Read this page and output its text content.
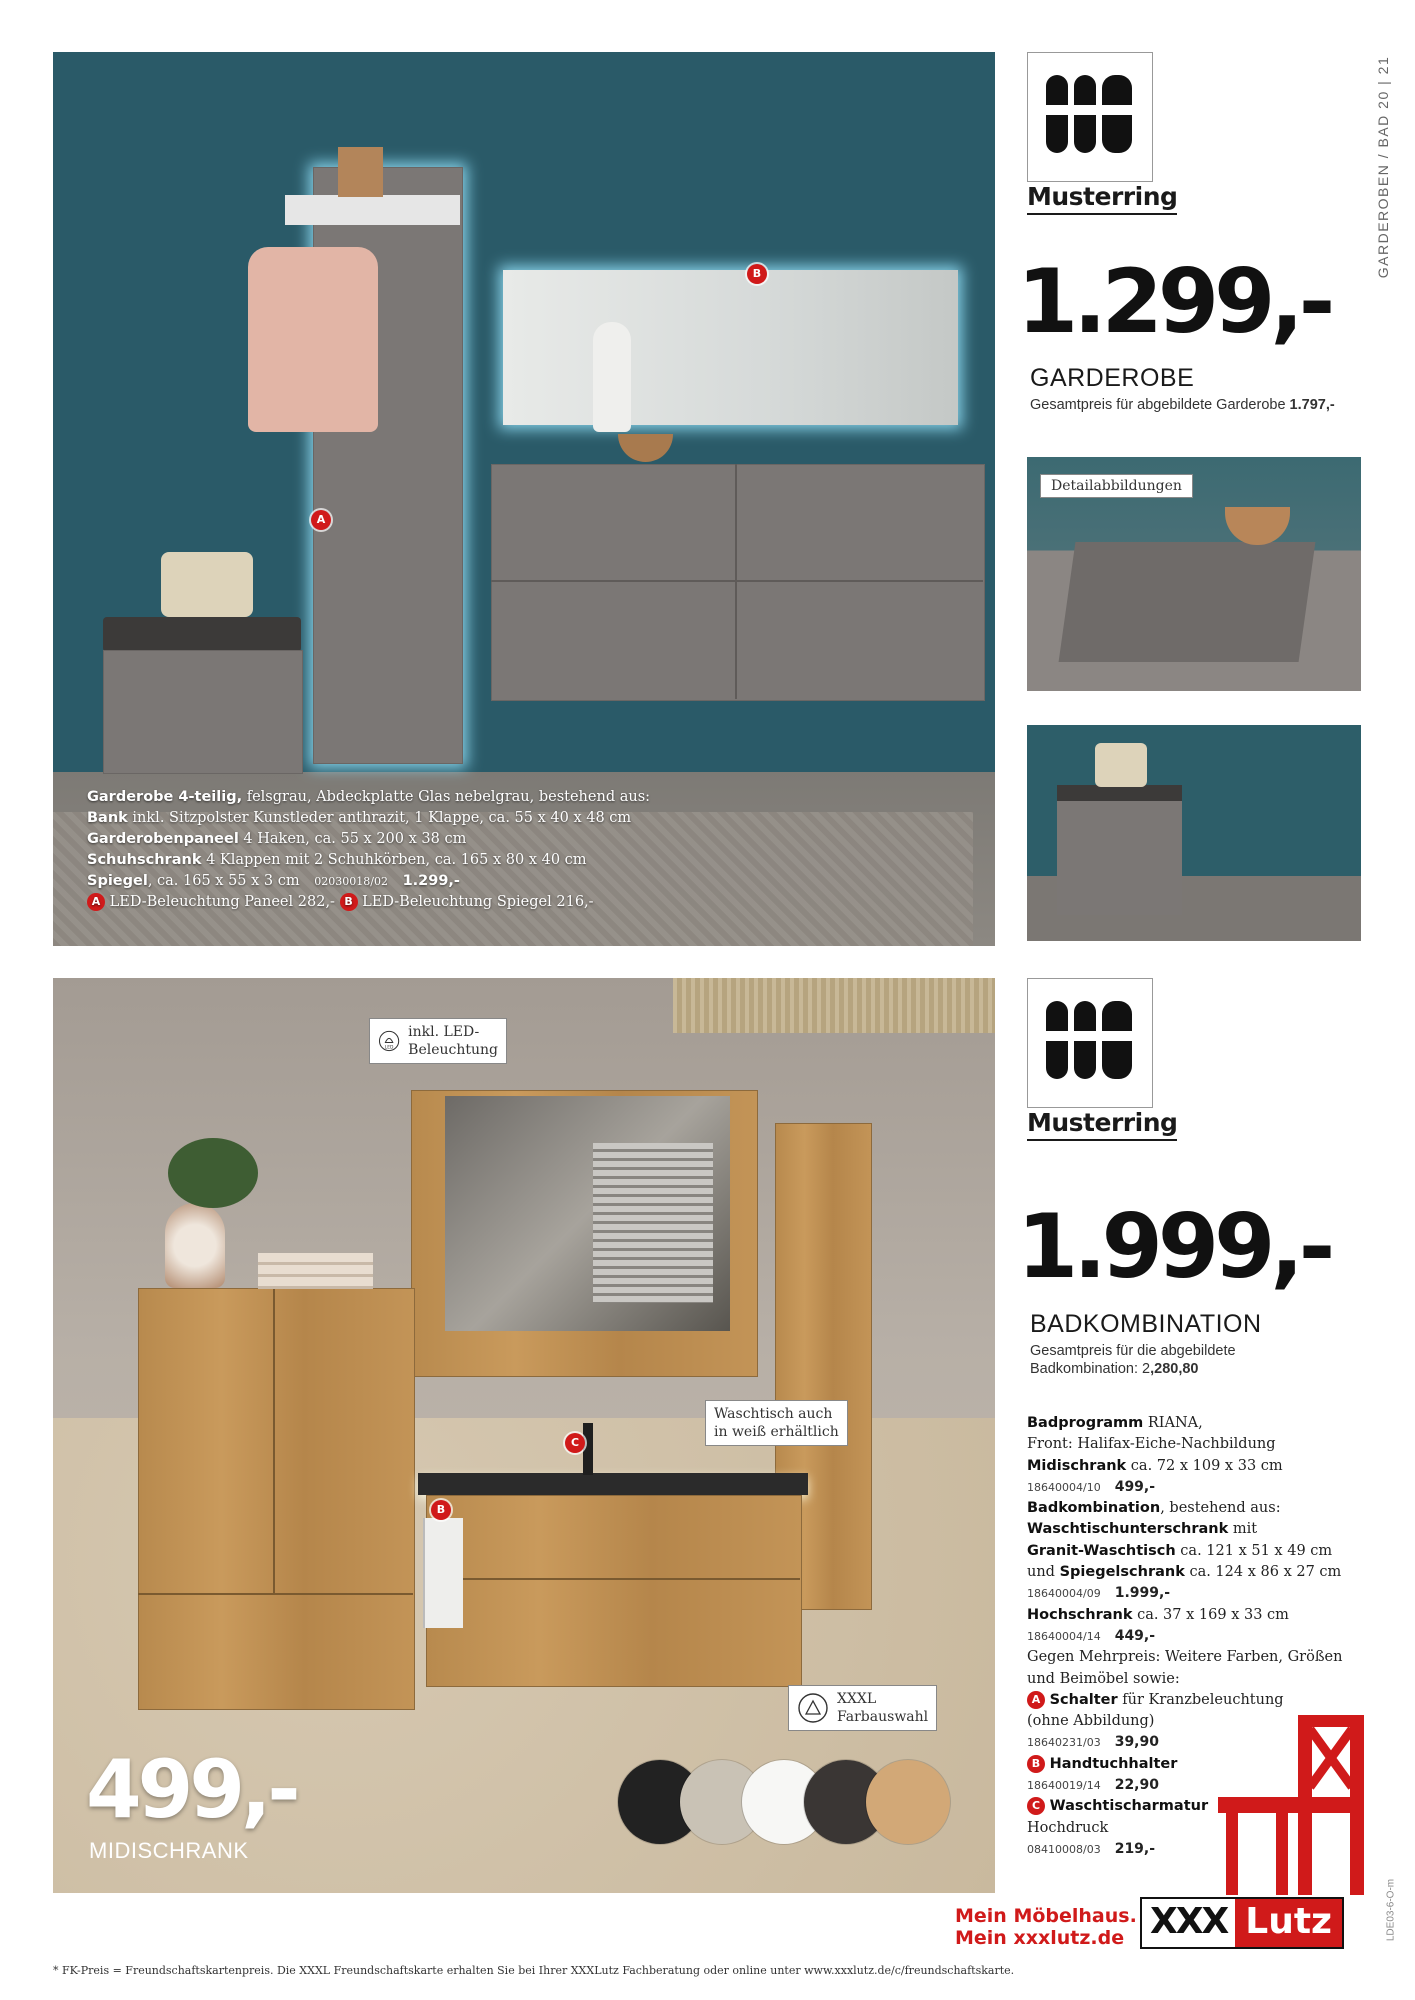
A
B
Garderobe 4-teilig, felsgrau, Abdeckplatte Glas nebelgrau, bestehend aus:
Bank inkl. Sitzpolster Kunstleder anthrazit, 1 Klappe, ca. 55 x 40 x 48 cm
Garderobenpaneel 4 Haken, ca. 55 x 200 x 38 cm
Schuhschrank 4 Klappen mit 2 Schuhkörben, ca. 165 x 80 x 40 cm
Spiegel, ca. 165 x 55 x 3 cm 02030018/02 1.299,-
A LED-Beleuchtung Paneel 282,- B LED-Beleuchtung Spiegel 216,-
GARDEROBEN / BAD 20 | 21
Musterring
1.299,-
GARDEROBE
Gesamtpreis für abgebildete Garderobe 1.797,-
Detailabbildungen
B
C
LED
inkl. LED-
Beleuchtung
Waschtisch auch
in weiß erhältlich
XXXL
Farbauswahl
499,-
MIDISCHRANK
Musterring
1.999,-
BADKOMBINATION
Gesamtpreis für die abgebildete
Badkombination: 2,280,80
Badprogramm RIANA,
Front: Halifax-Eiche-Nachbildung
Midischrank ca. 72 x 109 x 33 cm
18640004/10 499,-
Badkombination, bestehend aus:
Waschtischunterschrank mit
Granit-Waschtisch ca. 121 x 51 x 49 cm
und Spiegelschrank ca. 124 x 86 x 27 cm
18640004/09 1.999,-
Hochschrank ca. 37 x 169 x 33 cm
18640004/14 449,-
Gegen Mehrpreis: Weitere Farben, Größen
und Beimöbel sowie:
A Schalter für Kranzbeleuchtung
(ohne Abbildung)
18640231/03 39,90
B Handtuchhalter
18640019/14 22,90
C Waschtischarmatur
Hochdruck
08410008/03 219,-
Mein Möbelhaus.
Mein xxxlutz.de XXX Lutz
* FK-Preis = Freundschaftskartenpreis. Die XXXL Freundschaftskarte erhalten Sie bei Ihrer XXXLutz Fachberatung oder online unter www.xxxlutz.de/c/freundschaftskarte.
LDE03-6-O-m
